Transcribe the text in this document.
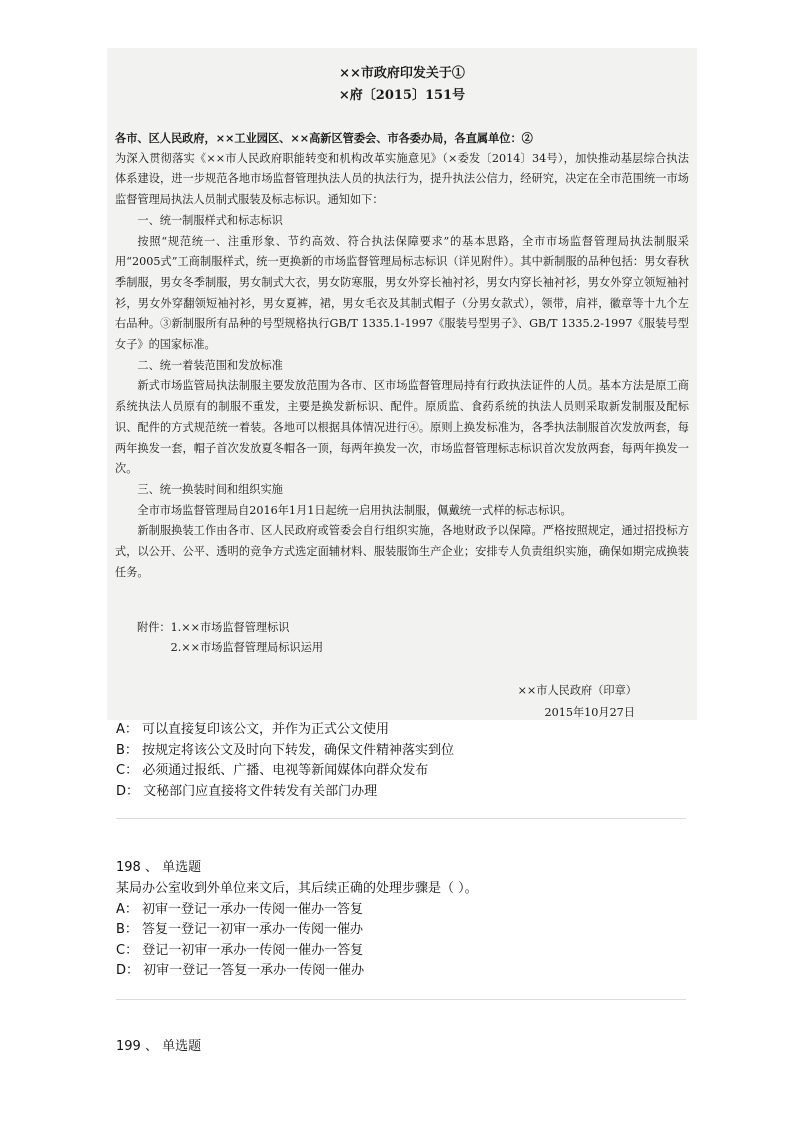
××市政府印发关于①
×府〔2015〕151号

各市、区人民政府，××工业园区、××高新区管委会、市各委办局，各直属单位：②

为深入贯彻落实《××市人民政府职能转变和机构改革实施意见》（×委发〔2014〕34号），加快推动基层综合执法体系建设，进一步规范各地市场监督管理执法人员的执法行为，提升执法公信力，经研究，决定在全市范围统一市场监督管理局执法人员制式服装及标志标识。通知如下：

一、统一制服样式和标志标识

按照“规范统一、注重形象、节约高效、符合执法保障要求”的基本思路，全市市场监督管理局执法制服采用“2005式”工商制服样式，统一更换新的市场监督管理局标志标识（详见附件）。其中新制服的品种包括：男女春秋季制服，男女冬季制服，男女制式大衣，男女防寒服，男女外穿长袖衬衫，男女内穿长袖衬衫，男女外穿立领短袖衬衫，男女外穿翻领短袖衬衫，男女夏裤，裙，男女毛衣及其制式帽子（分男女款式），领带，肩袢，徽章等十九个左右品种。③新制服所有品种的号型规格执行GB/T 1335.1-1997《服装号型男子》、GB/T 1335.2-1997《服装号型女子》的国家标准。

二、统一着装范围和发放标准

新式市场监管局执法制服主要发放范围为各市、区市场监督管理局持有行政执法证件的人员。基本方法是原工商系统执法人员原有的制服不重发，主要是换发新标识、配件。原质监、食药系统的执法人员则采取新发制服及配标识、配件的方式规范统一着装。各地可以根据具体情况进行④。原则上换发标准为，各季执法制服首次发放两套，每两年换发一套，帽子首次发放夏冬帽各一顶，每两年换发一次，市场监督管理标志标识首次发放两套，每两年换发一次。

三、统一换装时间和组织实施

全市市场监督管理局自2016年1月1日起统一启用执法制服，佩戴统一式样的标志标识。

新制服换装工作由各市、区人民政府或管委会自行组织实施，各地财政予以保障。严格按照规定，通过招投标方式，以公开、公平、透明的竞争方式选定面辅材料、服装服饰生产企业；安排专人负责组织实施，确保如期完成换装任务。

附件：1.××市场监督管理标识
2.××市场监督管理局标识运用
××市人民政府（印章）
2015年10月27日
A： 可以直接复印该公文，并作为正式公文使用
B： 按规定将该公文及时向下转发，确保文件精神落实到位
C： 必须通过报纸、广播、电视等新闻媒体向群众发布
D： 文秘部门应直接将文件转发有关部门办理
198 、 单选题
某局办公室收到外单位来文后，其后续正确的处理步骤是（ ）。
A： 初审一登记一承办一传阅一催办一答复
B： 答复一登记一初审一承办一传阅一催办
C： 登记一初审一承办一传阅一催办一答复
D： 初审一登记一答复一承办一传阅一催办
199 、 单选题
